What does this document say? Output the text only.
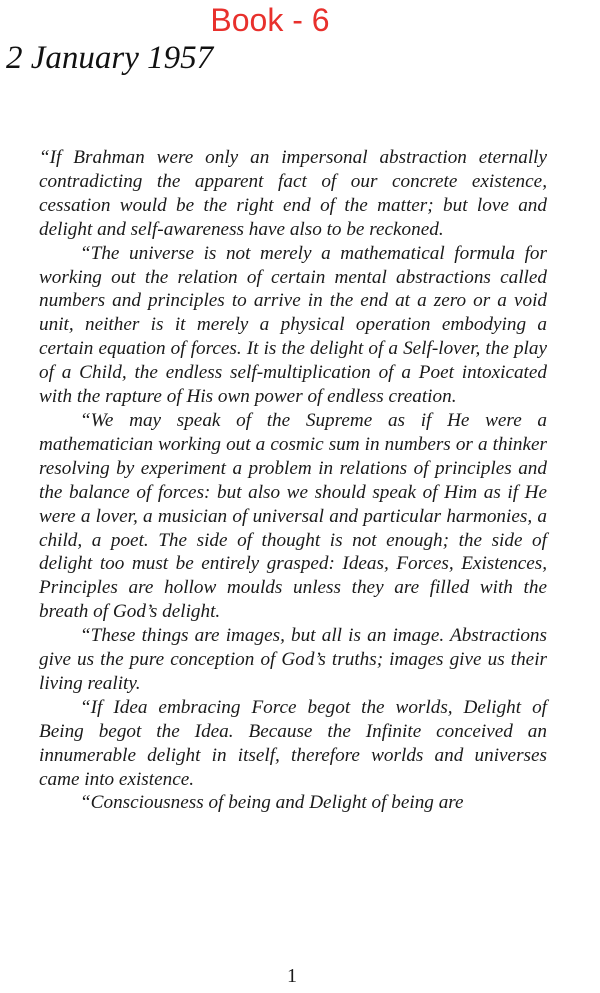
Book - 6
2 January 1957

“If Brahman were only an impersonal abstraction eternally contradicting the apparent fact of our concrete existence, cessation would be the right end of the matter; but love and delight and self-awareness have also to be reckoned.

“The universe is not merely a mathematical formula for working out the relation of certain mental abstractions called numbers and principles to arrive in the end at a zero or a void unit, neither is it merely a physical operation embodying a certain equation of forces. It is the delight of a Self-lover, the play of a Child, the endless self-multiplication of a Poet intoxicated with the rapture of His own power of endless creation.

“We may speak of the Supreme as if He were a mathematician working out a cosmic sum in numbers or a thinker resolving by experiment a problem in relations of principles and the balance of forces: but also we should speak of Him as if He were a lover, a musician of universal and particular harmonies, a child, a poet. The side of thought is not enough; the side of delight too must be entirely grasped: Ideas, Forces, Existences, Principles are hollow moulds unless they are filled with the breath of God’s delight.

“These things are images, but all is an image. Abstractions give us the pure conception of God’s truths; images give us their living reality.

“If Idea embracing Force begot the worlds, Delight of Being begot the Idea. Because the Infinite conceived an innumerable delight in itself, therefore worlds and universes came into existence.

“Consciousness of being and Delight of being are

1
